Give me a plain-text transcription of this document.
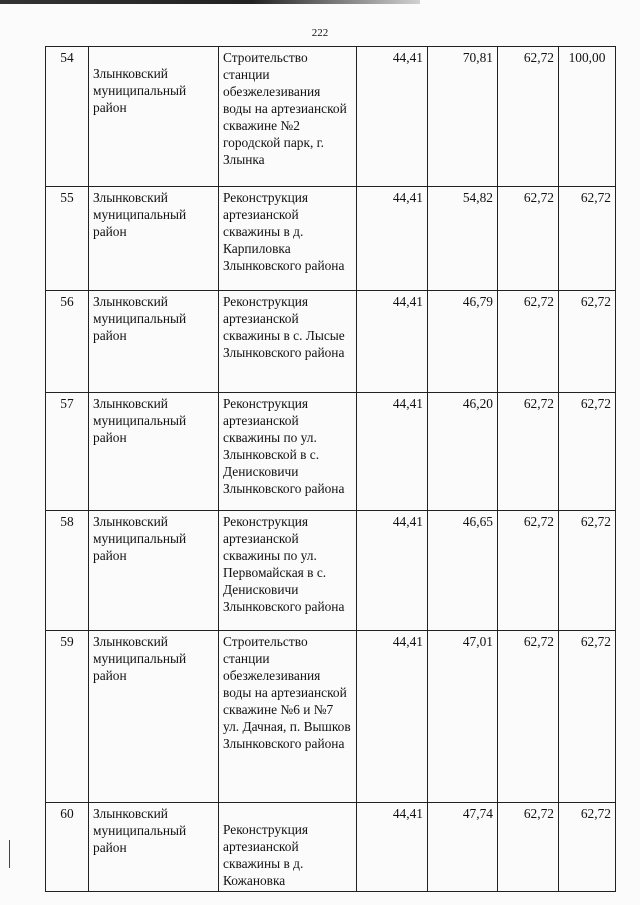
222
54	Злынковский муниципальный район	Строительство станции обезжелезивания воды на артезианской скважине №2 городской парк, г. Злынка	44,41	70,81	62,72	100,00
55	Злынковский муниципальный район	Реконструкция артезианской скважины в д. Карпиловка Злынковского района	44,41	54,82	62,72	62,72
56	Злынковский муниципальный район	Реконструкция артезианской скважины в с. Лысые Злынковского района	44,41	46,79	62,72	62,72
57	Злынковский муниципальный район	Реконструкция артезианской скважины по ул. Злынковской в с. Денисковичи Злынковского района	44,41	46,20	62,72	62,72
58	Злынковский муниципальный район	Реконструкция артезианской скважины по ул. Первомайская в с. Денисковичи Злынковского района	44,41	46,65	62,72	62,72
59	Злынковский муниципальный район	Строительство станции обезжелезивания воды на артезианской скважине №6 и №7 ул. Дачная, п. Вышков Злынковского района	44,41	47,01	62,72	62,72
60	Злынковский муниципальный район	Реконструкция артезианской скважины в д. Кожановка	44,41	47,74	62,72	62,72
